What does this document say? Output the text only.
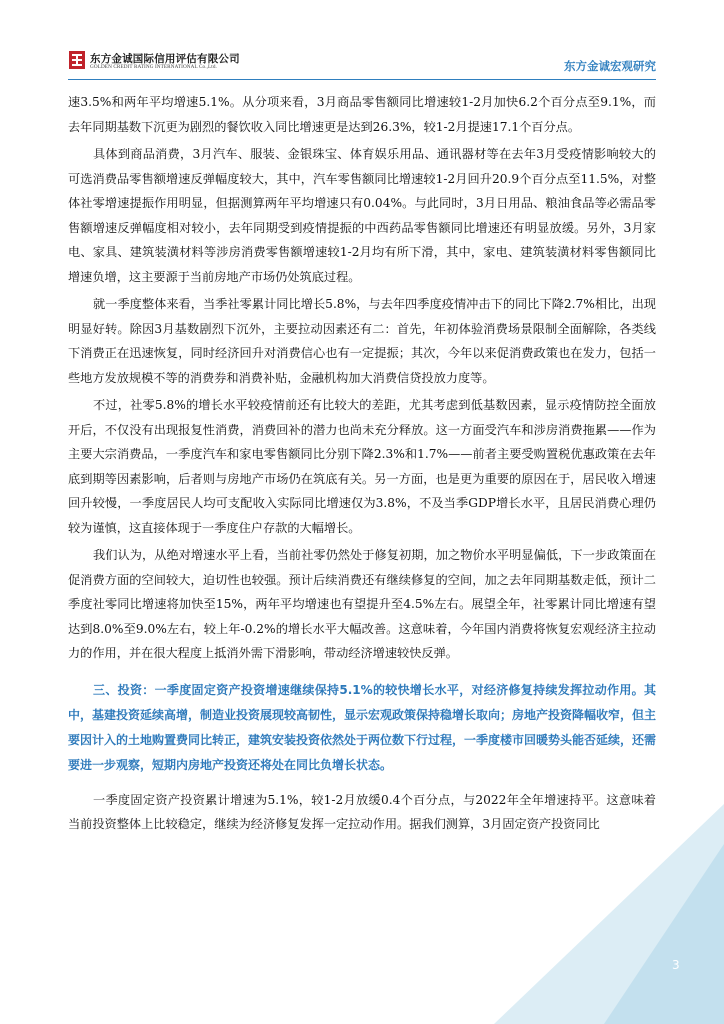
东方金诚国际信用评估有限公司
GOLDEN CREDIT RATING INTERNATIONAL Co.,Ltd.	东方金诚宏观研究

速3.5%和两年平均增速5.1%。从分项来看，3月商品零售额同比增速较1-2月加快6.2个百分点至9.1%，而去年同期基数下沉更为剧烈的餐饮收入同比增速更是达到26.3%，较1-2月提速17.1个百分点。

具体到商品消费，3月汽车、服装、金银珠宝、体育娱乐用品、通讯器材等在去年3月受疫情影响较大的可选消费品零售额增速反弹幅度较大，其中，汽车零售额同比增速较1-2月回升20.9个百分点至11.5%，对整体社零增速提振作用明显，但据测算两年平均增速只有0.04%。与此同时，3月日用品、粮油食品等必需品零售额增速反弹幅度相对较小，去年同期受到疫情提振的中西药品零售额同比增速还有明显放缓。另外，3月家电、家具、建筑装潢材料等涉房消费零售额增速较1-2月均有所下滑，其中，家电、建筑装潢材料零售额同比增速负增，这主要源于当前房地产市场仍处筑底过程。

就一季度整体来看，当季社零累计同比增长5.8%，与去年四季度疫情冲击下的同比下降2.7%相比，出现明显好转。除因3月基数剧烈下沉外，主要拉动因素还有二：首先，年初体验消费场景限制全面解除，各类线下消费正在迅速恢复，同时经济回升对消费信心也有一定提振；其次，今年以来促消费政策也在发力，包括一些地方发放规模不等的消费券和消费补贴，金融机构加大消费信贷投放力度等。

不过，社零5.8%的增长水平较疫情前还有比较大的差距，尤其考虑到低基数因素，显示疫情防控全面放开后，不仅没有出现报复性消费，消费回补的潜力也尚未充分释放。这一方面受汽车和涉房消费拖累——作为主要大宗消费品，一季度汽车和家电零售额同比分别下降2.3%和1.7%——前者主要受购置税优惠政策在去年底到期等因素影响，后者则与房地产市场仍在筑底有关。另一方面，也是更为重要的原因在于，居民收入增速回升较慢，一季度居民人均可支配收入实际同比增速仅为3.8%，不及当季GDP增长水平，且居民消费心理仍较为谨慎，这直接体现于一季度住户存款的大幅增长。

我们认为，从绝对增速水平上看，当前社零仍然处于修复初期，加之物价水平明显偏低，下一步政策面在促消费方面的空间较大，迫切性也较强。预计后续消费还有继续修复的空间，加之去年同期基数走低，预计二季度社零同比增速将加快至15%，两年平均增速也有望提升至4.5%左右。展望全年，社零累计同比增速有望达到8.0%至9.0%左右，较上年-0.2%的增长水平大幅改善。这意味着，今年国内消费将恢复宏观经济主拉动力的作用，并在很大程度上抵消外需下滑影响，带动经济增速较快反弹。

三、投资：一季度固定资产投资增速继续保持5.1%的较快增长水平，对经济修复持续发挥拉动作用。其中，基建投资延续高增，制造业投资展现较高韧性，显示宏观政策保持稳增长取向；房地产投资降幅收窄，但主要因计入的土地购置费同比转正，建筑安装投资依然处于两位数下行过程，一季度楼市回暖势头能否延续，还需要进一步观察，短期内房地产投资还将处在同比负增长状态。

一季度固定资产投资累计增速为5.1%，较1-2月放缓0.4个百分点，与2022年全年增速持平。这意味着当前投资整体上比较稳定，继续为经济修复发挥一定拉动作用。据我们测算，3月固定资产投资同比

3
